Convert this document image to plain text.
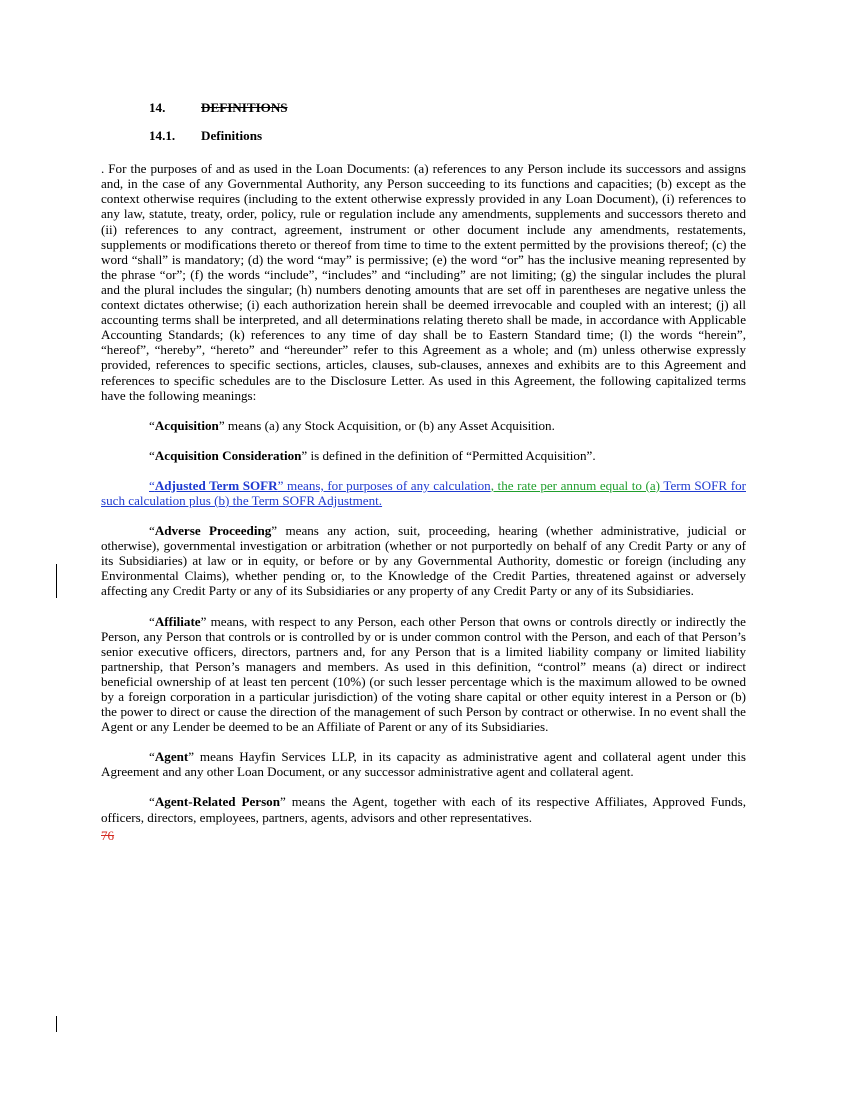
14.	DEFINITIONS
14.1. Definitions

. For the purposes of and as used in the Loan Documents: (a) references to any Person include its successors and assigns and, in the case of any Governmental Authority, any Person succeeding to its functions and capacities; (b) except as the context otherwise requires (including to the extent otherwise expressly provided in any Loan Document), (i) references to any law, statute, treaty, order, policy, rule or regulation include any amendments, supplements and successors thereto and (ii) references to any contract, agreement, instrument or other document include any amendments, restatements, supplements or modifications thereto or thereof from time to time to the extent permitted by the provisions thereof; (c) the word “shall” is mandatory; (d) the word “may” is permissive; (e) the word “or” has the inclusive meaning represented by the phrase “or”; (f) the words “include”, “includes” and “including” are not limiting; (g) the singular includes the plural and the plural includes the singular; (h) numbers denoting amounts that are set off in parentheses are negative unless the context dictates otherwise; (i) each authorization herein shall be deemed irrevocable and coupled with an interest; (j) all accounting terms shall be interpreted, and all determinations relating thereto shall be made, in accordance with Applicable Accounting Standards; (k) references to any time of day shall be to Eastern Standard time; (l) the words “herein”, “hereof”, “hereby”, “hereto” and “hereunder” refer to this Agreement as a whole; and (m) unless otherwise expressly provided, references to specific sections, articles, clauses, sub-clauses, annexes and exhibits are to this Agreement and references to specific schedules are to the Disclosure Letter. As used in this Agreement, the following capitalized terms have the following meanings:

“Acquisition” means (a) any Stock Acquisition, or (b) any Asset Acquisition.

“Acquisition Consideration” is defined in the definition of “Permitted Acquisition”.

“Adjusted Term SOFR” means, for purposes of any calculation, the rate per annum equal to (a) Term SOFR for such calculation plus (b) the Term SOFR Adjustment.

“Adverse Proceeding” means any action, suit, proceeding, hearing (whether administrative, judicial or otherwise), governmental investigation or arbitration (whether or not purportedly on behalf of any Credit Party or any of its Subsidiaries) at law or in equity, or before or by any Governmental Authority, domestic or foreign (including any Environmental Claims), whether pending or, to the Knowledge of the Credit Parties, threatened against or adversely affecting any Credit Party or any of its Subsidiaries or any property of any Credit Party or any of its Subsidiaries.

“Affiliate” means, with respect to any Person, each other Person that owns or controls directly or indirectly the Person, any Person that controls or is controlled by or is under common control with the Person, and each of that Person’s senior executive officers, directors, partners and, for any Person that is a limited liability company or limited liability partnership, that Person’s managers and members. As used in this definition, “control” means (a) direct or indirect beneficial ownership of at least ten percent (10%) (or such lesser percentage which is the maximum allowed to be owned by a foreign corporation in a particular jurisdiction) of the voting share capital or other equity interest in a Person or (b) the power to direct or cause the direction of the management of such Person by contract or otherwise. In no event shall the Agent or any Lender be deemed to be an Affiliate of Parent or any of its Subsidiaries.

“Agent” means Hayfin Services LLP, in its capacity as administrative agent and collateral agent under this Agreement and any other Loan Document, or any successor administrative agent and collateral agent.

“Agent-Related Person” means the Agent, together with each of its respective Affiliates, Approved Funds, officers, directors, employees, partners, agents, advisors and other representatives.

76
